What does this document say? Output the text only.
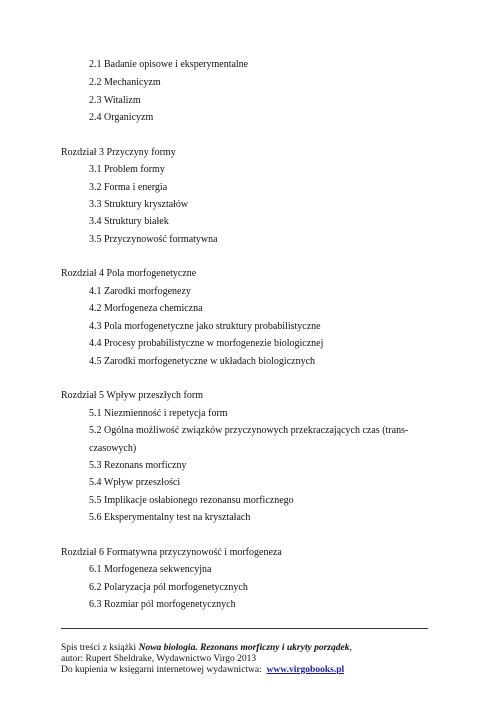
2.1 Badanie opisowe i eksperymentalne
2.2 Mechanicyzm
2.3 Witalizm
2.4 Organicyzm
Rozdział 3 Przyczyny formy
3.1 Problem formy
3.2 Forma i energia
3.3 Struktury kryształów
3.4 Struktury białek
3.5 Przyczynowość formatywna
Rozdział 4 Pola morfogenetyczne
4.1 Zarodki morfogenezy
4.2 Morfogeneza chemiczna
4.3 Pola morfogenetyczne jako struktury probabilistyczne
4.4 Procesy probabilistyczne w morfogenezie biologicznej
4.5 Zarodki morfogenetyczne w układach biologicznych
Rozdział 5 Wpływ przeszłych form
5.1 Niezmienność i repetycja form
5.2 Ogólna możliwość związków przyczynowych przekraczających czas (trans-
czasowych)
5.3 Rezonans morficzny
5.4 Wpływ przeszłości
5.5 Implikacje osłabionego rezonansu morficznego
5.6 Eksperymentalny test na kryształach
Rozdział 6 Formatywna przyczynowość i morfogeneza
6.1 Morfogeneza sekwencyjna
6.2 Polaryzacja pól morfogenetycznych
6.3 Rozmiar pól morfogenetycznych
Spis treści z książki Nowa biologia. Rezonans morficzny i ukryty porządek,
autor: Rupert Sheldrake, Wydawnictwo Virgo 2013
Do kupienia w księgarni internetowej wydawnictwa:  www.virgobooks.pl
